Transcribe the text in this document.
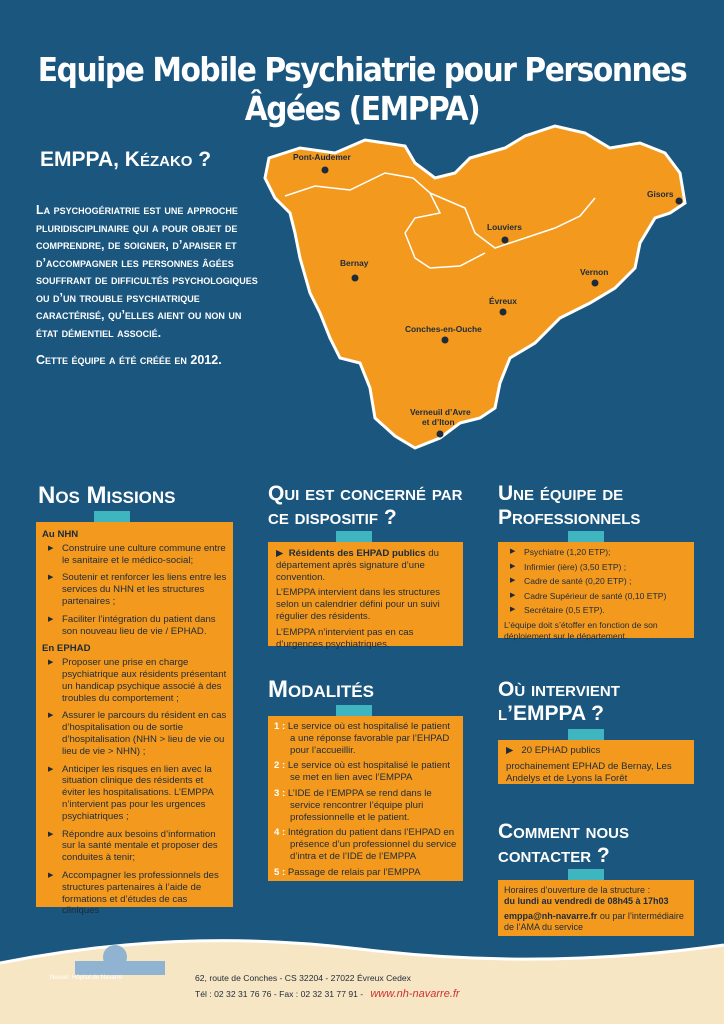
Equipe Mobile Psychiatrie pour Personnes Âgées (EMPPA)
EMPPA, Kézako ?

La psychogériatrie est une approche pluridisciplinaire qui a pour objet de comprendre, de soigner, d’apaiser et d’accompagner les personnes âgées souffrant de difficultés psychologiques ou d’un trouble psychiatrique caractérisé, qu’elles aient ou non un état démentiel associé.

Cette équipe a été créée en 2012.

Pont-Audemer
Gisors
Louviers
Bernay
Vernon
Évreux
Conches-en-Ouche
Verneuil d’Avre
et d’Iton
Nos Missions
Au NHN
▶ Construire une culture commune entre le sanitaire et le médico-social;
▶ Soutenir et renforcer les liens entre les services du NHN et les structures partenaires ;
▶ Faciliter l’intégration du patient dans son nouveau lieu de vie / EPHAD.
En EPHAD
▶ Proposer une prise en charge psychiatrique aux résidents présentant un handicap psychique associé à des troubles du comportement ;
▶ Assurer le parcours du résident en cas d’hospitalisation ou de sortie d’hospitalisation (NHN > lieu de vie ou lieu de vie > NHN) ;
▶ Anticiper les risques en lien avec la situation clinique des résidents et éviter les hospitalisations. L’EMPPA n’intervient pas pour les urgences psychiatriques ;
▶ Répondre aux besoins d’information sur la santé mentale et proposer des conduites à tenir;
▶ Accompagner les professionnels des structures partenaires à l’aide de formations et d’études de cas cliniques
Qui est concerné par ce dispositif ?

▶  Résidents des EHPAD publics du département après signature d’une convention.

L’EMPPA intervient dans les structures selon un calendrier défini pour un suivi régulier des résidents.

L’EMPPA n’intervient pas en cas d’urgences psychiatriques.

Modalités

1 : Le service où est hospitalisé le patient a une réponse favorable par l’EHPAD pour l’accueillir.

2 : Le service où est hospitalisé le patient se met en lien avec l’EMPPA

3 : L’IDE de l’EMPPA se rend dans le service rencontrer l’équipe pluri professionnelle et le patient.

4 : Intégration du patient dans l’EHPAD en présence d’un professionnel du service d’intra et de l’IDE de l’EMPPA

5 : Passage de relais par l’EMPPA

Une équipe de Professionnels
▶ Psychiatre (1,20 ETP);
▶ Infirmier (ière) (3,50 ETP) ;
▶ Cadre de santé (0,20 ETP) ;
▶ Cadre Supérieur de santé (0,10 ETP)
▶ Secrétaire (0,5 ETP).

L’équipe doit s’étoffer en fonction de son déploiement sur le département.

Où intervient l’EMPPA ?

▶   20 EPHAD publics

prochainement EPHAD de Bernay, Les Andelys et de Lyons la Forêt

Comment nous contacter ?
Horaires d’ouverture de la structure :
du lundi au vendredi de 08h45 à 17h03
emppa@nh-navarre.fr ou par l’intermédiaire de l’AMA du service
Nouvel Hôpital de Navarre	62, route de Conches - CS 32204 - 27022 Évreux Cedex
Tél : 02 32 31 76 76 - Fax : 02 32 31 77 91 - www.nh-navarre.fr
